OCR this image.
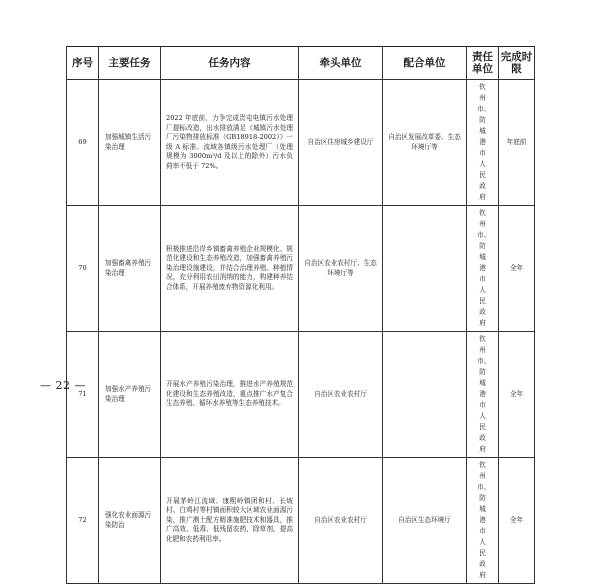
序号	主要任务	任务内容	牵头单位	配合单位	责任单位	完成时限
69	加强城镇生活污染治理	2022 年底前，力争完成贵屯电镇污水处理厂提标改造，出水排放满足《城镇污水处理厂污染物排放标准（GB18918-2002）》一级 A 标准。流域各镇级污水处理厂（处理规模为 3000m³/d 及以上的除外）污水负荷率不低于 72%。	自治区住房城乡建设厅	自治区发展改革委、生态环境厅等	钦州市、防城港市人民政府	年底前
70	加强畜禽养殖污染治理	积极推进沿岸乡镇畜禽养殖企业规模化、规范化建设和生态养殖改造，加强畜禽养殖污染治理设施建设，并结合治理养殖、种植情况，充分利用农田消纳的能力，构建种养结合体系，开展养殖废弃物资源化利用。	自治区农业农村厅、生态环境厅等		钦州市、防城港市人民政府	全年
71	加强水产养殖污染治理	开展水产养殖污染治理，推进水产养殖规范化建设和生态养殖改造，重点推广水产复合生态养殖、循环水养殖等生态养殖技术。	自治区农业农村厅		钦州市、防城港市人民政府	全年
72	强化农业面源污染防治	开展茅岭江流域、康熙岭镇团和村、长坡村、白鸡村等村镇面积较大区域农业面源污染，推广测土配方精准施肥技术和器具，推广高效、低毒、低残留农药，除草剂，提高化肥和农药利用率。	自治区农业农村厅	自治区生态环境厅	钦州市、防城港市人民政府	全年
— 22 —
